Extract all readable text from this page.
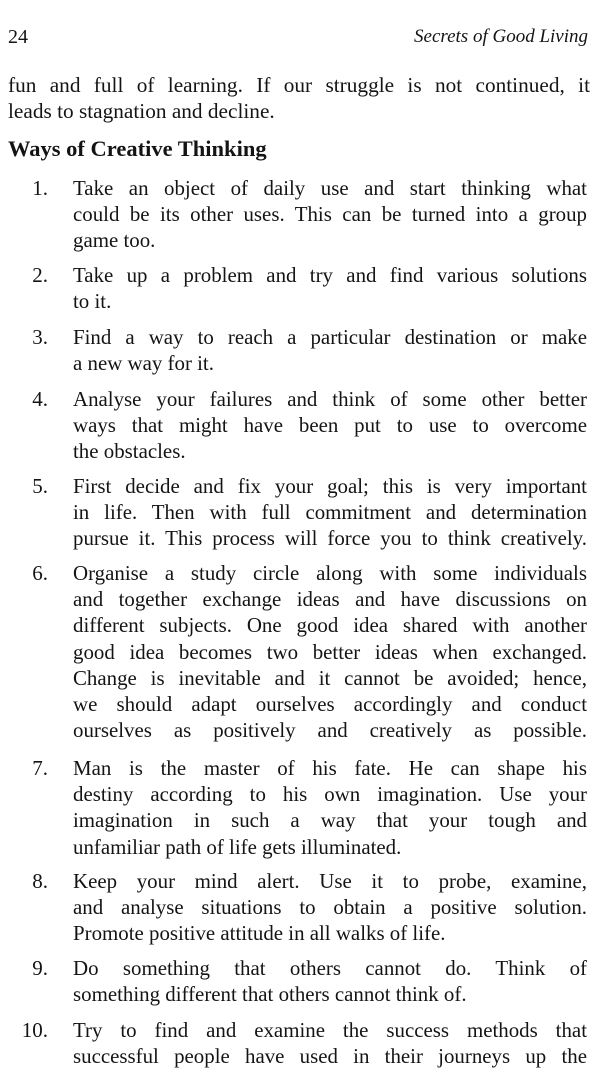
24	Secrets of Good Living
fun and full of learning. If our struggle is not continued, it
leads to stagnation and decline.
Ways of Creative Thinking
1. Take an object of daily use and start thinking what
could be its other uses. This can be turned into a group
game too.
2. Take up a problem and try and find various solutions
to it.
3. Find a way to reach a particular destination or make
a new way for it.
4. Analyse your failures and think of some other better
ways that might have been put to use to overcome
the obstacles.
5. First decide and fix your goal; this is very important
in life. Then with full commitment and determination
pursue it. This process will force you to think creatively.
6. Organise a study circle along with some individuals
and together exchange ideas and have discussions on
different subjects. One good idea shared with another
good idea becomes two better ideas when exchanged.
Change is inevitable and it cannot be avoided; hence,
we should adapt ourselves accordingly and conduct
ourselves as positively and creatively as possible.
7. Man is the master of his fate. He can shape his
destiny according to his own imagination. Use your
imagination in such a way that your tough and
unfamiliar path of life gets illuminated.
8. Keep your mind alert. Use it to probe, examine,
and analyse situations to obtain a positive solution.
Promote positive attitude in all walks of life.
9. Do something that others cannot do. Think of
something different that others cannot think of.
10. Try to find and examine the success methods that
successful people have used in their journeys up the
